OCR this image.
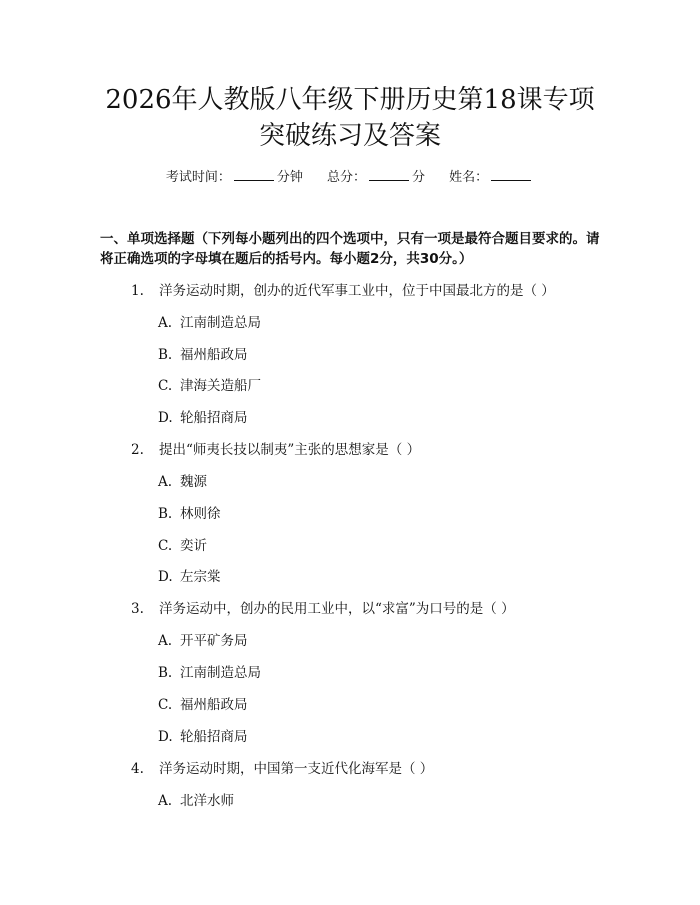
2026年人教版八年级下册历史第18课专项
突破练习及答案
考试时间：	分钟 总分：	分 姓名：

一、单项选择题（下列每小题列出的四个选项中，只有一项是最符合题目要求的。请将正确选项的字母填在题后的括号内。每小题2分，共30分。）

1. 洋务运动时期，创办的近代军事工业中，位于中国最北方的是（ ）
A. 江南制造总局
B. 福州船政局
C. 津海关造船厂
D. 轮船招商局
2. 提出“师夷长技以制夷”主张的思想家是（ ）
A. 魏源
B. 林则徐
C. 奕䜣
D. 左宗棠
3. 洋务运动中，创办的民用工业中，以“求富”为口号的是（ ）
A. 开平矿务局
B. 江南制造总局
C. 福州船政局
D. 轮船招商局
4. 洋务运动时期，中国第一支近代化海军是（ ）
A. 北洋水师
